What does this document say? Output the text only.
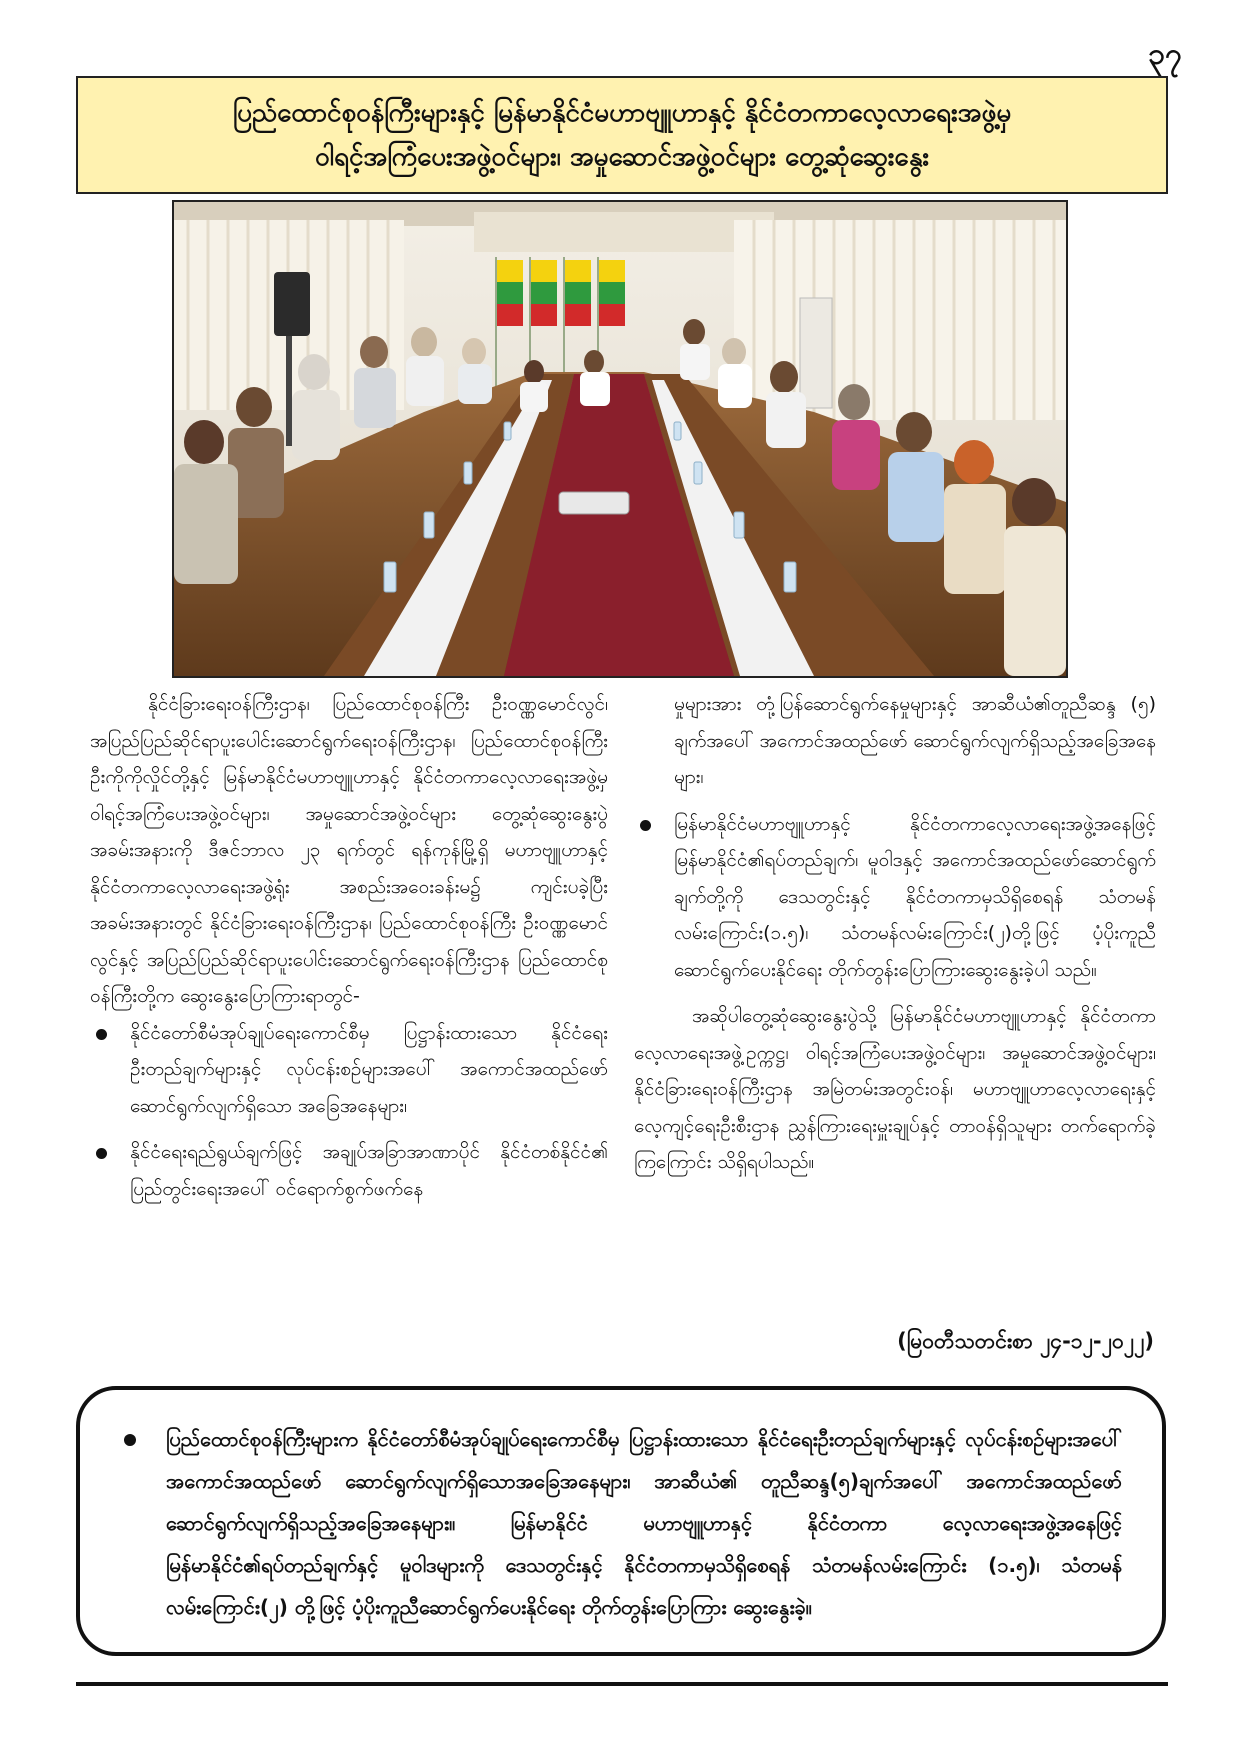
၃၇
ပြည်ထောင်စုဝန်ကြီးများနှင့် မြန်မာနိုင်ငံမဟာဗျူဟာနှင့် နိုင်ငံတကာလေ့လာရေးအဖွဲ့မှ
ဝါရင့်အကြံပေးအဖွဲ့ဝင်များ၊ အမှုဆောင်အဖွဲ့ဝင်များ တွေ့ဆုံဆွေးနွေး

နိုင်ငံခြားရေးဝန်ကြီးဌာန၊ ပြည်ထောင်စုဝန်ကြီး ဦးဝဏ္ဏမောင်လွင်၊ အပြည်ပြည်ဆိုင်ရာပူးပေါင်းဆောင်ရွက်ရေးဝန်ကြီးဌာန၊ ပြည်ထောင်စုဝန်ကြီး ဦးကိုကိုလှိုင်တို့နှင့် မြန်မာနိုင်ငံမဟာဗျူဟာနှင့် နိုင်ငံတကာလေ့လာရေးအဖွဲ့မှ ဝါရင့်အကြံပေးအဖွဲ့ဝင်များ၊ အမှုဆောင်အဖွဲ့ဝင်များ တွေ့ဆုံဆွေးနွေးပွဲအခမ်းအနားကို ဒီဇင်ဘာလ ၂၃ ရက်တွင် ရန်ကုန်မြို့ရှိ မဟာဗျူဟာနှင့် နိုင်ငံတကာလေ့လာရေးအဖွဲ့ရုံး အစည်းအဝေးခန်းမ၌ ကျင်းပခဲ့ပြီး အခမ်းအနားတွင် နိုင်ငံခြားရေးဝန်ကြီးဌာန၊ ပြည်ထောင်စုဝန်ကြီး ဦးဝဏ္ဏမောင်လွင်နှင့် အပြည်ပြည်ဆိုင်ရာပူးပေါင်းဆောင်ရွက်ရေးဝန်ကြီးဌာန ပြည်ထောင်စုဝန်ကြီးတို့က ဆွေးနွေးပြောကြားရာတွင်-

နိုင်ငံတော်စီမံအုပ်ချုပ်ရေးကောင်စီမှ ပြဋ္ဌာန်းထားသော နိုင်ငံရေးဦးတည်ချက်များနှင့် လုပ်ငန်းစဉ်များအပေါ် အကောင်အထည်ဖော် ဆောင်ရွက်လျက်ရှိသော အခြေအနေများ၊
နိုင်ငံရေးရည်ရွယ်ချက်ဖြင့် အချုပ်အခြာအာဏာပိုင် နိုင်ငံတစ်နိုင်ငံ၏ ပြည်တွင်းရေးအပေါ် ဝင်ရောက်စွက်ဖက်နေ

မှုများအား တုံ့ပြန်ဆောင်ရွက်နေမှုများနှင့် အာဆီယံ၏တူညီဆန္ဒ (၅) ချက်အပေါ် အကောင်အထည်ဖော် ဆောင်ရွက်လျက်ရှိသည့်အခြေအနေများ၊

မြန်မာနိုင်ငံမဟာဗျူဟာနှင့် နိုင်ငံတကာလေ့လာရေးအဖွဲ့အနေဖြင့် မြန်မာနိုင်ငံ၏ရပ်တည်ချက်၊ မူဝါဒနှင့် အကောင်အထည်ဖော်ဆောင်ရွက်ချက်တို့ကို ဒေသတွင်းနှင့် နိုင်ငံတကာမှသိရှိစေရန် သံတမန်လမ်းကြောင်း(၁.၅)၊ သံတမန်လမ်းကြောင်း(၂)တို့ဖြင့် ပံ့ပိုးကူညီဆောင်ရွက်ပေးနိုင်ရေး တိုက်တွန်းပြောကြားဆွေးနွေးခဲ့ပါ သည်။

အဆိုပါတွေ့ဆုံဆွေးနွေးပွဲသို့ မြန်မာနိုင်ငံမဟာဗျူဟာနှင့် နိုင်ငံတကာလေ့လာရေးအဖွဲ့ဥက္ကဋ္ဌ၊ ဝါရင့်အကြံပေးအဖွဲ့ဝင်များ၊ အမှုဆောင်အဖွဲ့ဝင်များ၊ နိုင်ငံခြားရေးဝန်ကြီးဌာန အမြဲတမ်းအတွင်းဝန်၊ မဟာဗျူဟာလေ့လာရေးနှင့် လေ့ကျင့်ရေးဦးစီးဌာန ညွှန်ကြားရေးမှူးချုပ်နှင့် တာဝန်ရှိသူများ တက်ရောက်ခဲ့ကြကြောင်း သိရှိရပါသည်။

(မြဝတီသတင်းစာ ၂၄-၁၂-၂၀၂၂)

ပြည်ထောင်စုဝန်ကြီးများက နိုင်ငံတော်စီမံအုပ်ချုပ်ရေးကောင်စီမှ ပြဋ္ဌာန်းထားသော နိုင်ငံရေးဦးတည်ချက်များနှင့် လုပ်ငန်းစဉ်များအပေါ် အကောင်အထည်ဖော် ဆောင်ရွက်လျက်ရှိသောအခြေအနေများ၊ အာဆီယံ၏ တူညီဆန္ဒ(၅)ချက်အပေါ် အကောင်အထည်ဖော် ဆောင်ရွက်လျက်ရှိသည့်အခြေအနေများ။ မြန်မာနိုင်ငံ မဟာဗျူဟာနှင့် နိုင်ငံတကာ လေ့လာရေးအဖွဲ့အနေဖြင့် မြန်မာနိုင်ငံ၏ရပ်တည်ချက်နှင့် မူဝါဒများကို ဒေသတွင်းနှင့် နိုင်ငံတကာမှသိရှိစေရန် သံတမန်လမ်းကြောင်း (၁.၅)၊ သံတမန်လမ်းကြောင်း(၂) တို့ဖြင့် ပံ့ပိုးကူညီဆောင်ရွက်ပေးနိုင်ရေး တိုက်တွန်းပြောကြား ဆွေးနွေးခဲ့။
